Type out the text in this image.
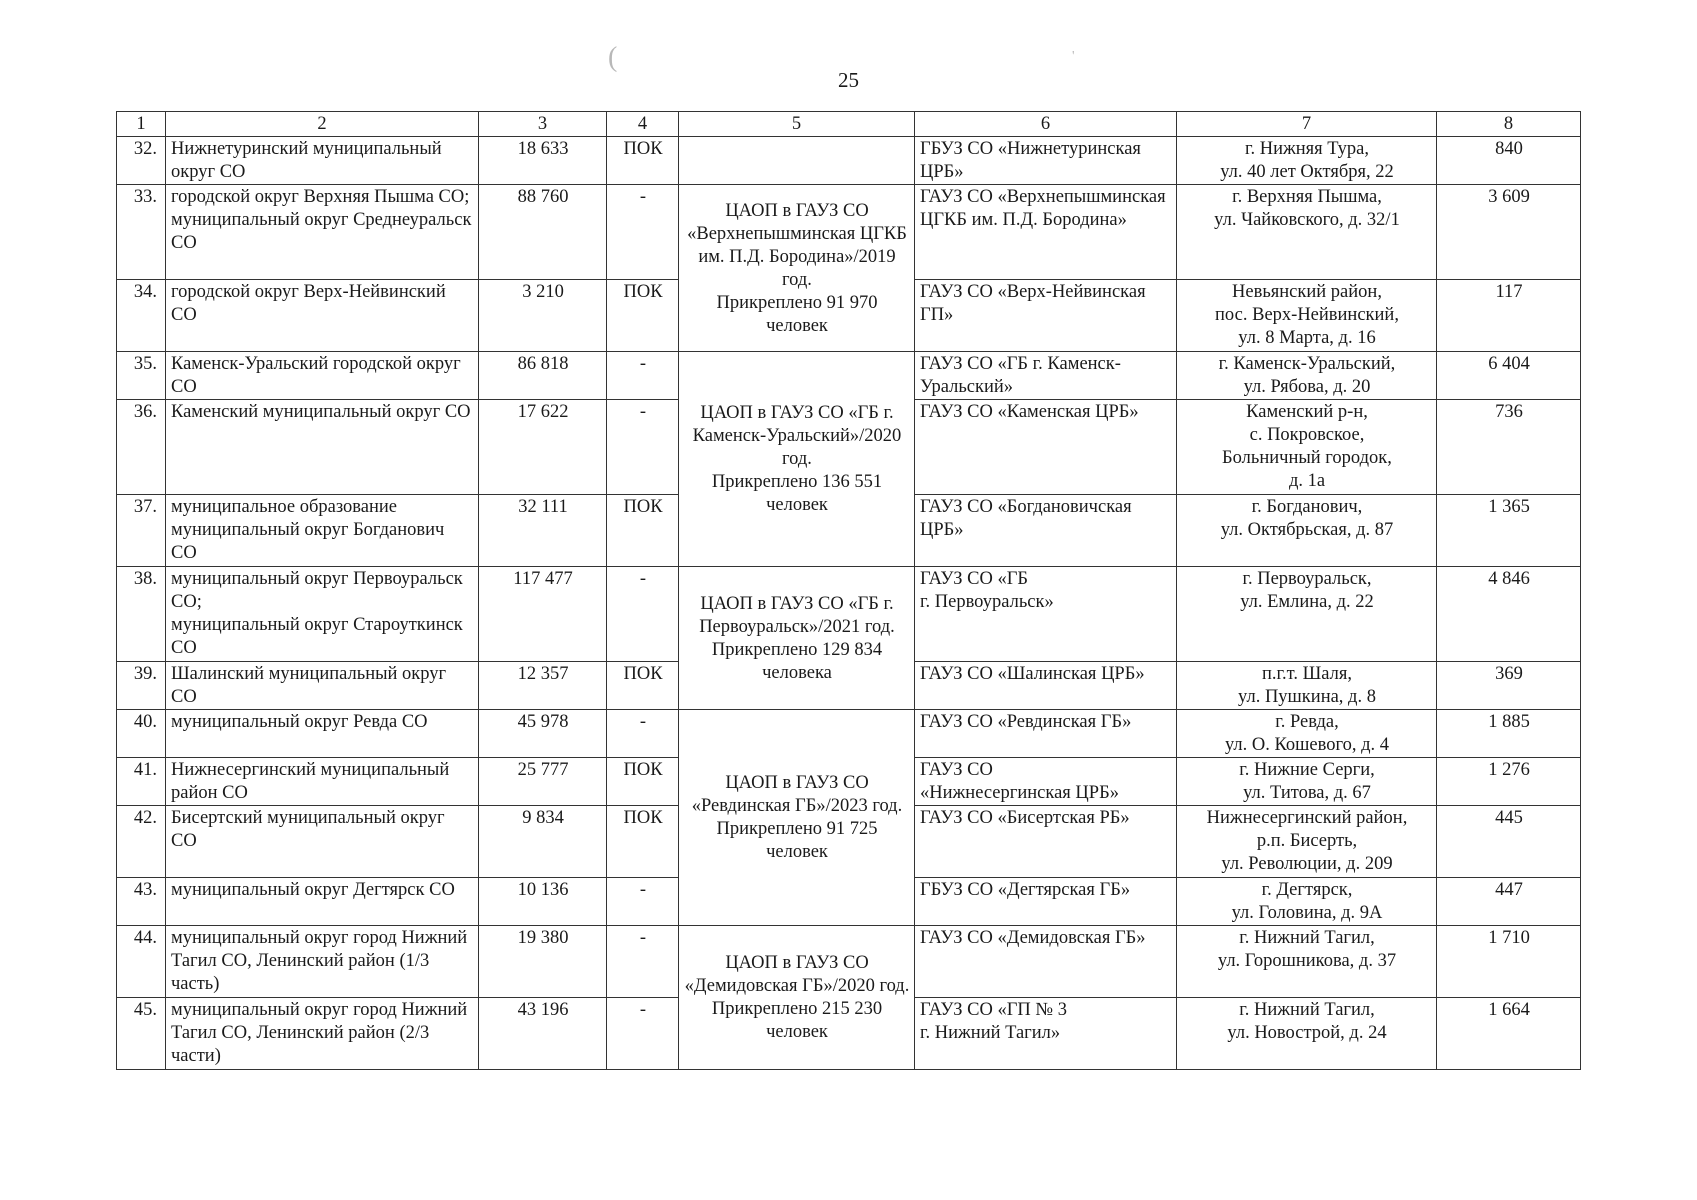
(	'
25
1	2	3	4	5	6	7	8
32.	Нижнетуринский муниципальный округ СО	18 633	ПОК		ГБУЗ СО «Нижнетуринская ЦРБ»	г. Нижняя Тура,
ул. 40 лет Октября, 22	840
33.	городской округ Верхняя Пышма СО;
муниципальный округ Среднеуральск СО	88 760	-	ЦАОП в ГАУЗ СО «Верхнепышминская ЦГКБ им. П.Д. Бородина»/2019 год.
Прикреплено 91 970 человек	ГАУЗ СО «Верхнепышминская ЦГКБ им. П.Д. Бородина»	г. Верхняя Пышма,
ул. Чайковского, д. 32/1	3 609
34.	городской округ Верх-Нейвинский СО	3 210	ПОК		ГАУЗ СО «Верх-Нейвинская ГП»	Невьянский район,
пос. Верх-Нейвинский,
ул. 8 Марта, д. 16	117
35.	Каменск-Уральский городской округ СО	86 818	-	ЦАОП в ГАУЗ СО «ГБ г. Каменск-Уральский»/2020 год.
Прикреплено 136 551 человек	ГАУЗ СО «ГБ г. Каменск-Уральский»	г. Каменск-Уральский,
ул. Рябова, д. 20	6 404
36.	Каменский муниципальный округ СО	17 622	-		ГАУЗ СО «Каменская ЦРБ»	Каменский р-н,
с. Покровское,
Больничный городок,
д. 1а	736
37.	муниципальное образование муниципальный округ Богданович СО	32 111	ПОК		ГАУЗ СО «Богдановичская ЦРБ»	г. Богданович,
ул. Октябрьская, д. 87	1 365
38.	муниципальный округ Первоуральск СО;
муниципальный округ Староуткинск СО	117 477	-	ЦАОП в ГАУЗ СО «ГБ г. Первоуральск»/2021 год.
Прикреплено 129 834 человека	ГАУЗ СО «ГБ
г. Первоуральск»	г. Первоуральск,
ул. Емлина, д. 22	4 846
39.	Шалинский муниципальный округ СО	12 357	ПОК		ГАУЗ СО «Шалинская ЦРБ»	п.г.т. Шаля,
ул. Пушкина, д. 8	369
40.	муниципальный округ Ревда СО	45 978	-	ЦАОП в ГАУЗ СО «Ревдинская ГБ»/2023 год.
Прикреплено 91 725 человек	ГАУЗ СО «Ревдинская ГБ»	г. Ревда,
ул. О. Кошевого, д. 4	1 885
41.	Нижнесергинский муниципальный район СО	25 777	ПОК		ГАУЗ СО
«Нижнесергинская ЦРБ»	г. Нижние Серги,
ул. Титова, д. 67	1 276
42.	Бисертский муниципальный округ СО	9 834	ПОК		ГАУЗ СО «Бисертская РБ»	Нижнесергинский район,
р.п. Бисерть,
ул. Революции, д. 209	445
43.	муниципальный округ Дегтярск СО	10 136	-		ГБУЗ СО «Дегтярская ГБ»	г. Дегтярск,
ул. Головина, д. 9А	447
44.	муниципальный округ город Нижний Тагил СО, Ленинский район (1/3 часть)	19 380	-	ЦАОП в ГАУЗ СО «Демидовская ГБ»/2020 год.
Прикреплено 215 230 человек	ГАУЗ СО «Демидовская ГБ»	г. Нижний Тагил,
ул. Горошникова, д. 37	1 710
45.	муниципальный округ город Нижний Тагил СО, Ленинский район (2/3 части)	43 196	-		ГАУЗ СО «ГП № 3
г. Нижний Тагил»	г. Нижний Тагил,
ул. Новострой, д. 24	1 664
